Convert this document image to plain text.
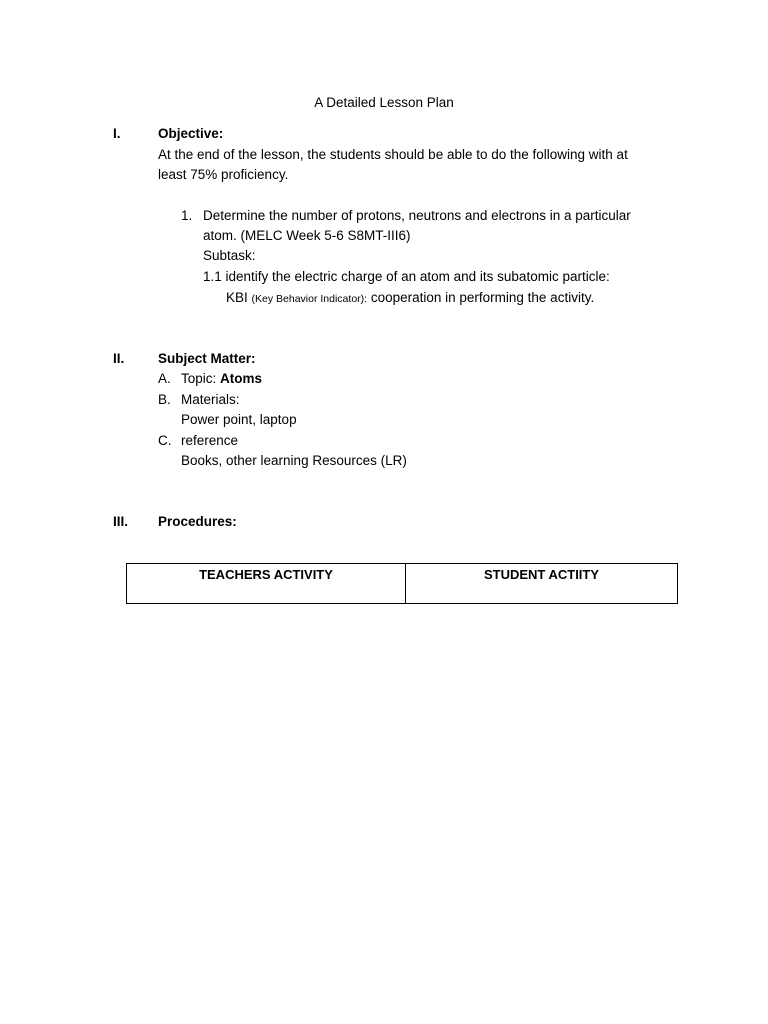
A Detailed Lesson Plan
I.	Objective:
At the end of the lesson, the students should be able to do the following with at
least 75% proficiency.
1. Determine the number of protons, neutrons and electrons in a particular
atom. (MELC Week 5-6 S8MT-III6)
Subtask:
1.1 identify the electric charge of an atom and its subatomic particle:
KBI (Key Behavior Indicator): cooperation in performing the activity.
II. Subject Matter:
A. Topic: Atoms
B. Materials:
Power point, laptop
C. reference
Books, other learning Resources (LR)
III. Procedures:
TEACHERS ACTIVITY	STUDENT ACTIITY
